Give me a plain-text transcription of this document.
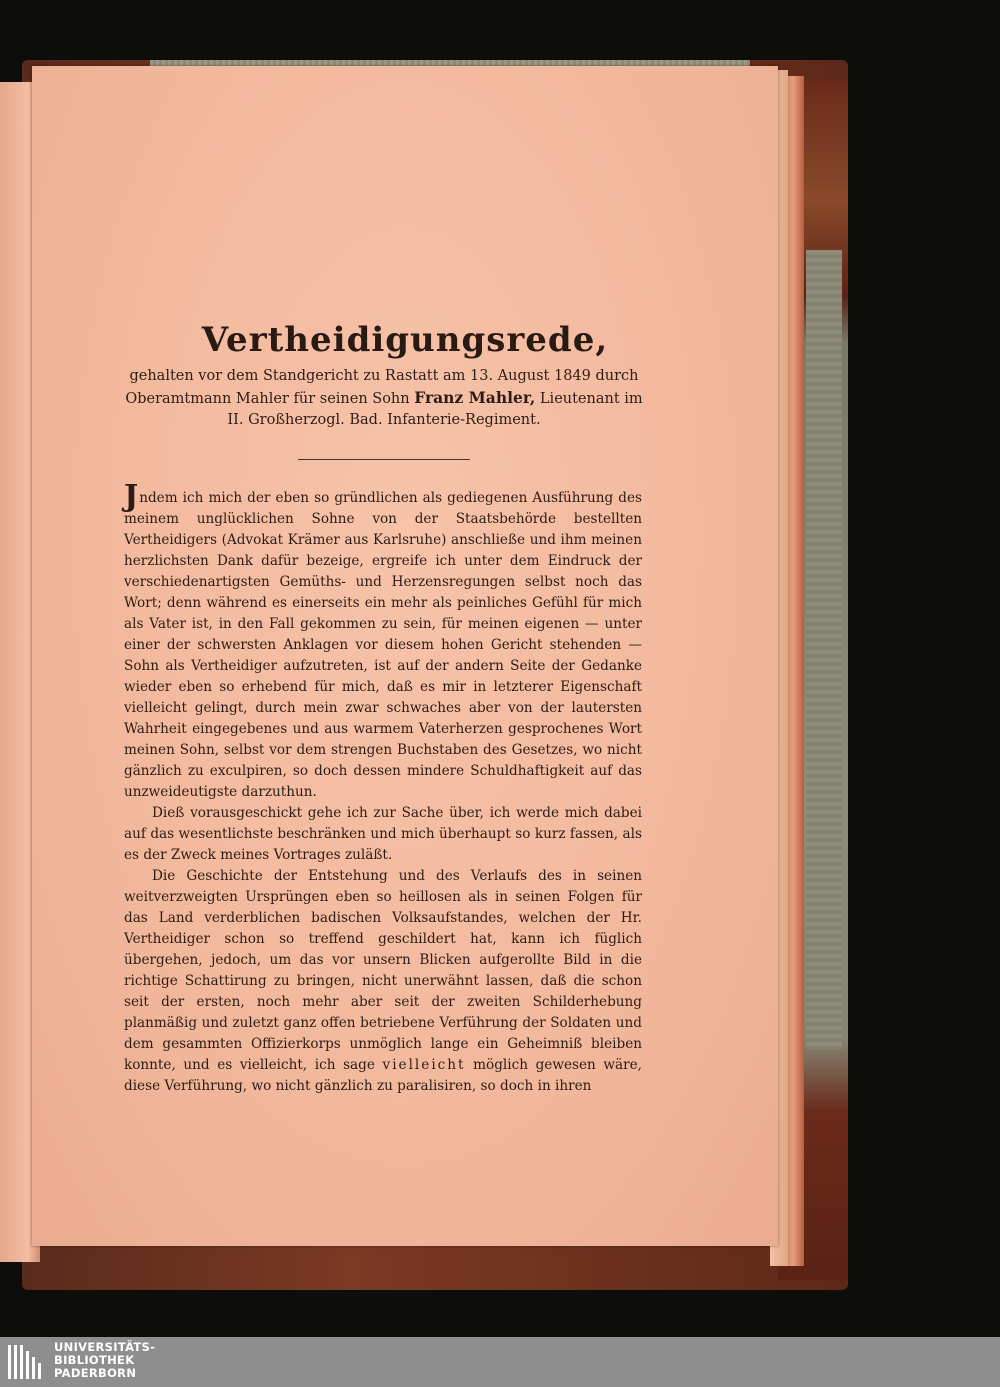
Vertheidigungsrede,

gehalten vor dem Standgericht zu Rastatt am 13. August 1849 durch Oberamtmann Mahler für seinen Sohn Franz Mahler, Lieutenant im II. Großherzogl. Bad. Infanterie-Regiment.

Jndem ich mich der eben so gründlichen als gediegenen Ausführung des meinem unglücklichen Sohne von der Staatsbehörde bestellten Vertheidigers (Advokat Krämer aus Karlsruhe) anschließe und ihm meinen herzlichsten Dank dafür bezeige, ergreife ich unter dem Eindruck der verschiedenartigsten Gemüths- und Herzensregungen selbst noch das Wort; denn während es einerseits ein mehr als peinliches Gefühl für mich als Vater ist, in den Fall gekommen zu sein, für meinen eigenen — unter einer der schwersten Anklagen vor diesem hohen Gericht stehenden — Sohn als Vertheidiger aufzutreten, ist auf der andern Seite der Gedanke wieder eben so erhebend für mich, daß es mir in letzterer Eigenschaft vielleicht gelingt, durch mein zwar schwaches aber von der lautersten Wahrheit eingegebenes und aus warmem Vaterherzen gesprochenes Wort meinen Sohn, selbst vor dem strengen Buchstaben des Gesetzes, wo nicht gänzlich zu exculpiren, so doch dessen mindere Schuldhaftigkeit auf das unzweideutigste darzuthun.

Dieß vorausgeschickt gehe ich zur Sache über, ich werde mich dabei auf das wesentlichste beschränken und mich überhaupt so kurz fassen, als es der Zweck meines Vortrages zuläßt.

Die Geschichte der Entstehung und des Verlaufs des in seinen weitverzweigten Ursprüngen eben so heillosen als in seinen Folgen für das Land verderblichen badischen Volksaufstandes, welchen der Hr. Vertheidiger schon so treffend geschildert hat, kann ich füglich übergehen, jedoch, um das vor unsern Blicken aufgerollte Bild in die richtige Schattirung zu bringen, nicht unerwähnt lassen, daß die schon seit der ersten, noch mehr aber seit der zweiten Schilderhebung planmäßig und zuletzt ganz offen betriebene Verführung der Soldaten und dem gesammten Offizierkorps unmöglich lange ein Geheimniß bleiben konnte, und es vielleicht, ich sage vielleicht möglich gewesen wäre, diese Verführung, wo nicht gänzlich zu paralisiren, so doch in ihren

UNIVERSITÄTS-
BIBLIOTHEK
PADERBORN
